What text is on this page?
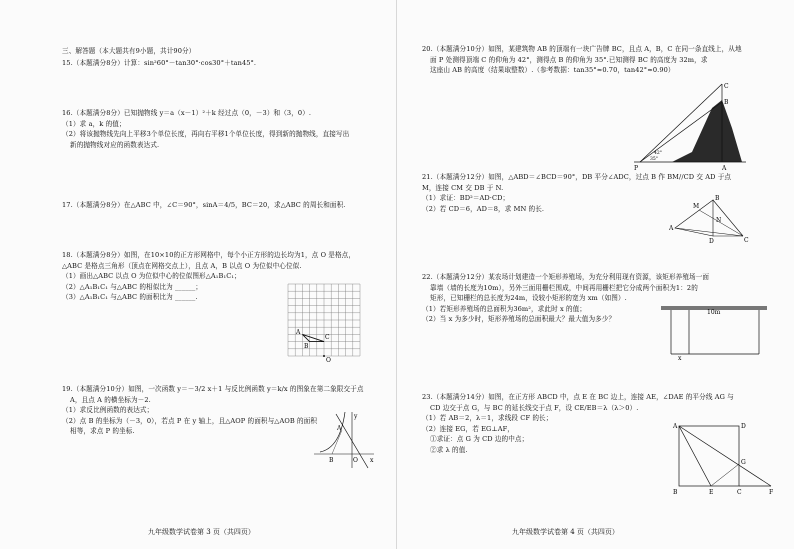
三、解答题（本大题共有9小题，共计90分）

15.（本题满分8分）计算：sin²60°－tan30°·cos30°＋tan45°.

16.（本题满分8分）已知抛物线 y＝a（x－1）²＋k 经过点（0，－3）和（3，0）.

（1）求 a，k 的值；

（2）将该抛物线先向上平移3个单位长度，再向右平移1个单位长度，得到新的抛物线，直接写出

新的抛物线对应的函数表达式.

17.（本题满分8分）在△ABC 中，∠C＝90°，sinA＝4/5，BC＝20，求△ABC 的周长和面积.

18.（本题满分8分）如图，在10×10的正方形网格中，每个小正方形的边长均为1，点 O 是格点，

△ABC 是格点三角形（顶点在网格交点上），且点 A，B 以点 O 为位似中心位似.

（1）画出△ABC 以点 O 为位似中心的位似图形△A₁B₁C₁；

（2）△A₁B₁C₁ 与△ABC 的相似比为 ______；

（3）△A₁B₁C₁ 与△ABC 的面积比为 ______.

A
B
C
O

19.（本题满分10分）如图，一次函数 y＝－3/2 x＋1 与反比例函数 y＝k/x 的图象在第二象限交于点

A，且点 A 的横坐标为－2.

（1）求反比例函数的表达式；

（2）点 B 的坐标为（－3，0），若点 P 在 y 轴上，且△AOP 的面积与△AOB 的面积

相等，求点 P 的坐标.	A
B	O x
y
九年级数学试卷第 3 页（共四页）

20.（本题满分10分）如图，某建筑物 AB 的顶端有一块广告牌 BC，且点 A，B，C 在同一条直线上，从地

面 P 处测得顶端 C 的仰角为 42°，测得点 B 的仰角为 35°.已知测得 BC 的高度为 32m，求

这座山 AB 的高度（结果取整数）.（参考数据：tan35°≈0.70，tan42°≈0.90）

C
B
P	A
35°
42°

21.（本题满分12分）如图，△ABD＝∠BCD＝90°，DB 平分∠ADC，过点 B 作 BM//CD 交 AD 于点

M，连接 CM 交 DB 于 N.

（1）求证：BD²＝AD·CD；

（2）若 CD＝6，AD＝8，求 MN 的长.

A
B
C
D
M
N

22.（本题满分12分）某农场计划建造一个矩形养殖场，为充分利用现有资源，该矩形养殖场一面

靠墙（墙的长度为10m），另外三面用栅栏围成，中间再用栅栏把它分成两个面积为1：2的

矩形，已知栅栏的总长度为24m，设较小矩形的宽为 xm（如图）.

（1）若矩形养殖场的总面积为36m²，求此时 x 的值；

（2）当 x 为多少时，矩形养殖场的总面积最大？最大值为多少？

10m
x

23.（本题满分14分）如图，在正方形 ABCD 中，点 E 在 BC 边上，连接 AE，∠DAE 的平分线 AG 与

CD 边交于点 G，与 BC 的延长线交于点 F，设 CE/EB＝λ（λ＞0）.

（1）若 AB＝2，λ＝1，求线段 CF 的长；

（2）连接 EG，若 EG⊥AF，

①求证：点 G 为 CD 边的中点；

②求 λ 的值.

A
B	C
D
E	F
G
九年级数学试卷第 4 页（共四页）
